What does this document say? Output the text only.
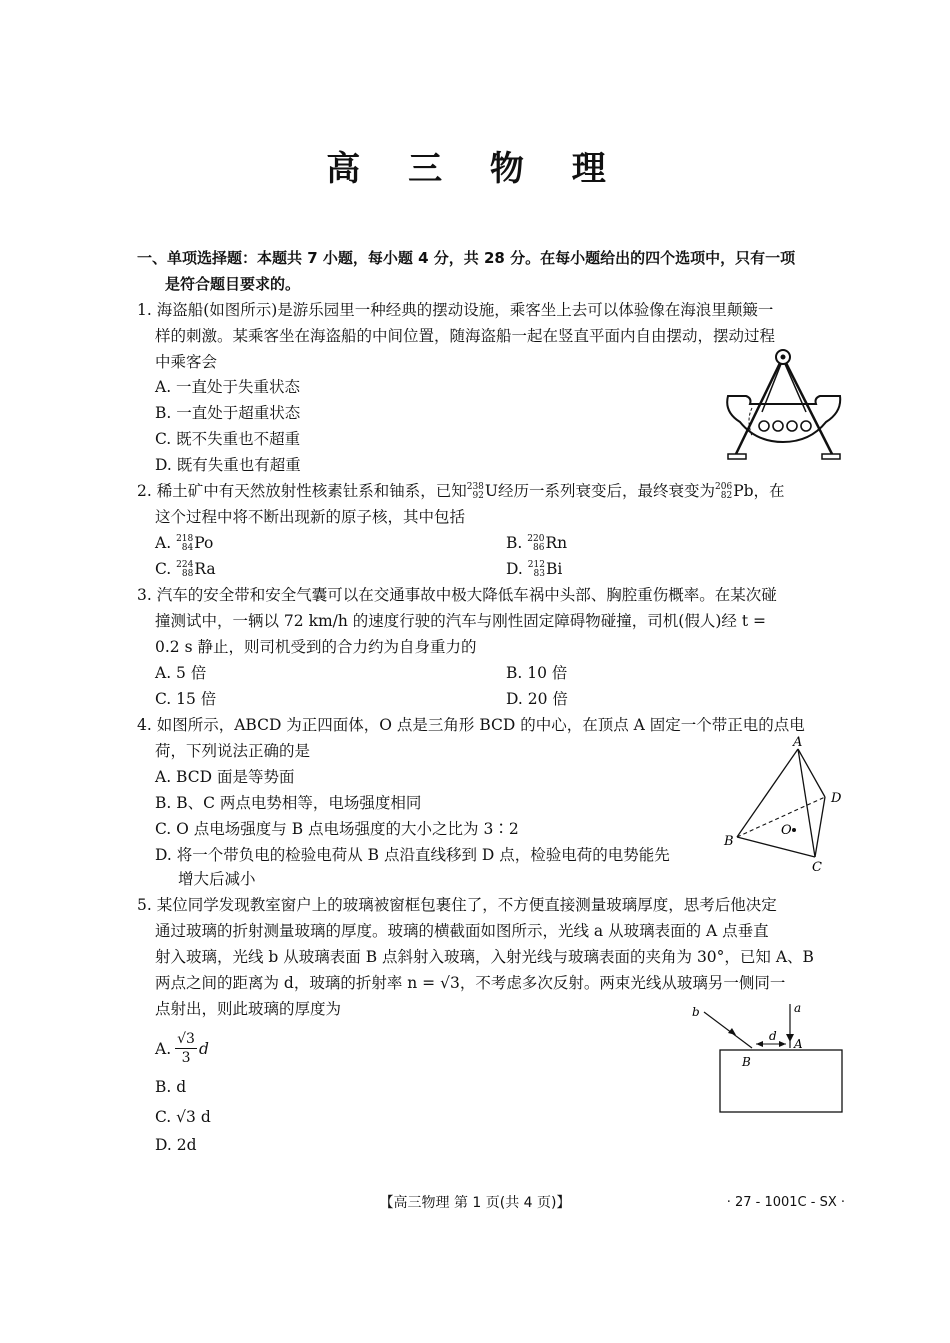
高 三 物 理
一、单项选择题：本题共 7 小题，每小题 4 分，共 28 分。在每小题给出的四个选项中，只有一项
是符合题目要求的。
1. 海盗船(如图所示)是游乐园里一种经典的摆动设施，乘客坐上去可以体验像在海浪里颠簸一
样的刺激。某乘客坐在海盗船的中间位置，随海盗船一起在竖直平面内自由摆动，摆动过程
中乘客会
A. 一直处于失重状态
B. 一直处于超重状态
C. 既不失重也不超重
D. 既有失重也有超重
2. 稀土矿中有天然放射性核素钍系和铀系，已知 238
92 U经历一系列衰变后，最终衰变为 206
82 Pb，在
这个过程中将不断出现新的原子核，其中包括
A. 218
84 Po	B. 220
86 Rn
C. 224
88 Ra	D. 212
83 Bi
3. 汽车的安全带和安全气囊可以在交通事故中极大降低车祸中头部、胸腔重伤概率。在某次碰
撞测试中，一辆以 72 km/h 的速度行驶的汽车与刚性固定障碍物碰撞，司机(假人)经 t =
0.2 s 静止，则司机受到的合力约为自身重力的
A. 5 倍	B. 10 倍
C. 15 倍	D. 20 倍
4. 如图所示，ABCD 为正四面体，O 点是三角形 BCD 的中心，在顶点 A 固定一个带正电的点电
荷，下列说法正确的是
A. BCD 面是等势面
B. B、C 两点电势相等，电场强度相同
C. O 点电场强度与 B 点电场强度的大小之比为 3∶2
D. 将一个带负电的检验电荷从 B 点沿直线移到 D 点，检验电荷的电势能先
增大后减小
A
B
C
D
O
5. 某位同学发现教室窗户上的玻璃被窗框包裹住了，不方便直接测量玻璃厚度，思考后他决定
通过玻璃的折射测量玻璃的厚度。玻璃的横截面如图所示，光线 a 从玻璃表面的 A 点垂直
射入玻璃，光线 b 从玻璃表面 B 点斜射入玻璃，入射光线与玻璃表面的夹角为 30°，已知 A、B
两点之间的距离为 d，玻璃的折射率 n = √3，不考虑多次反射。两束光线从玻璃另一侧同一
点射出，则此玻璃的厚度为
A.
√3
3
d
B. d
C. √3 d
D. 2d
b	a
d
A
B
【高三物理 第 1 页(共 4 页)】	· 27 - 1001C - SX ·
